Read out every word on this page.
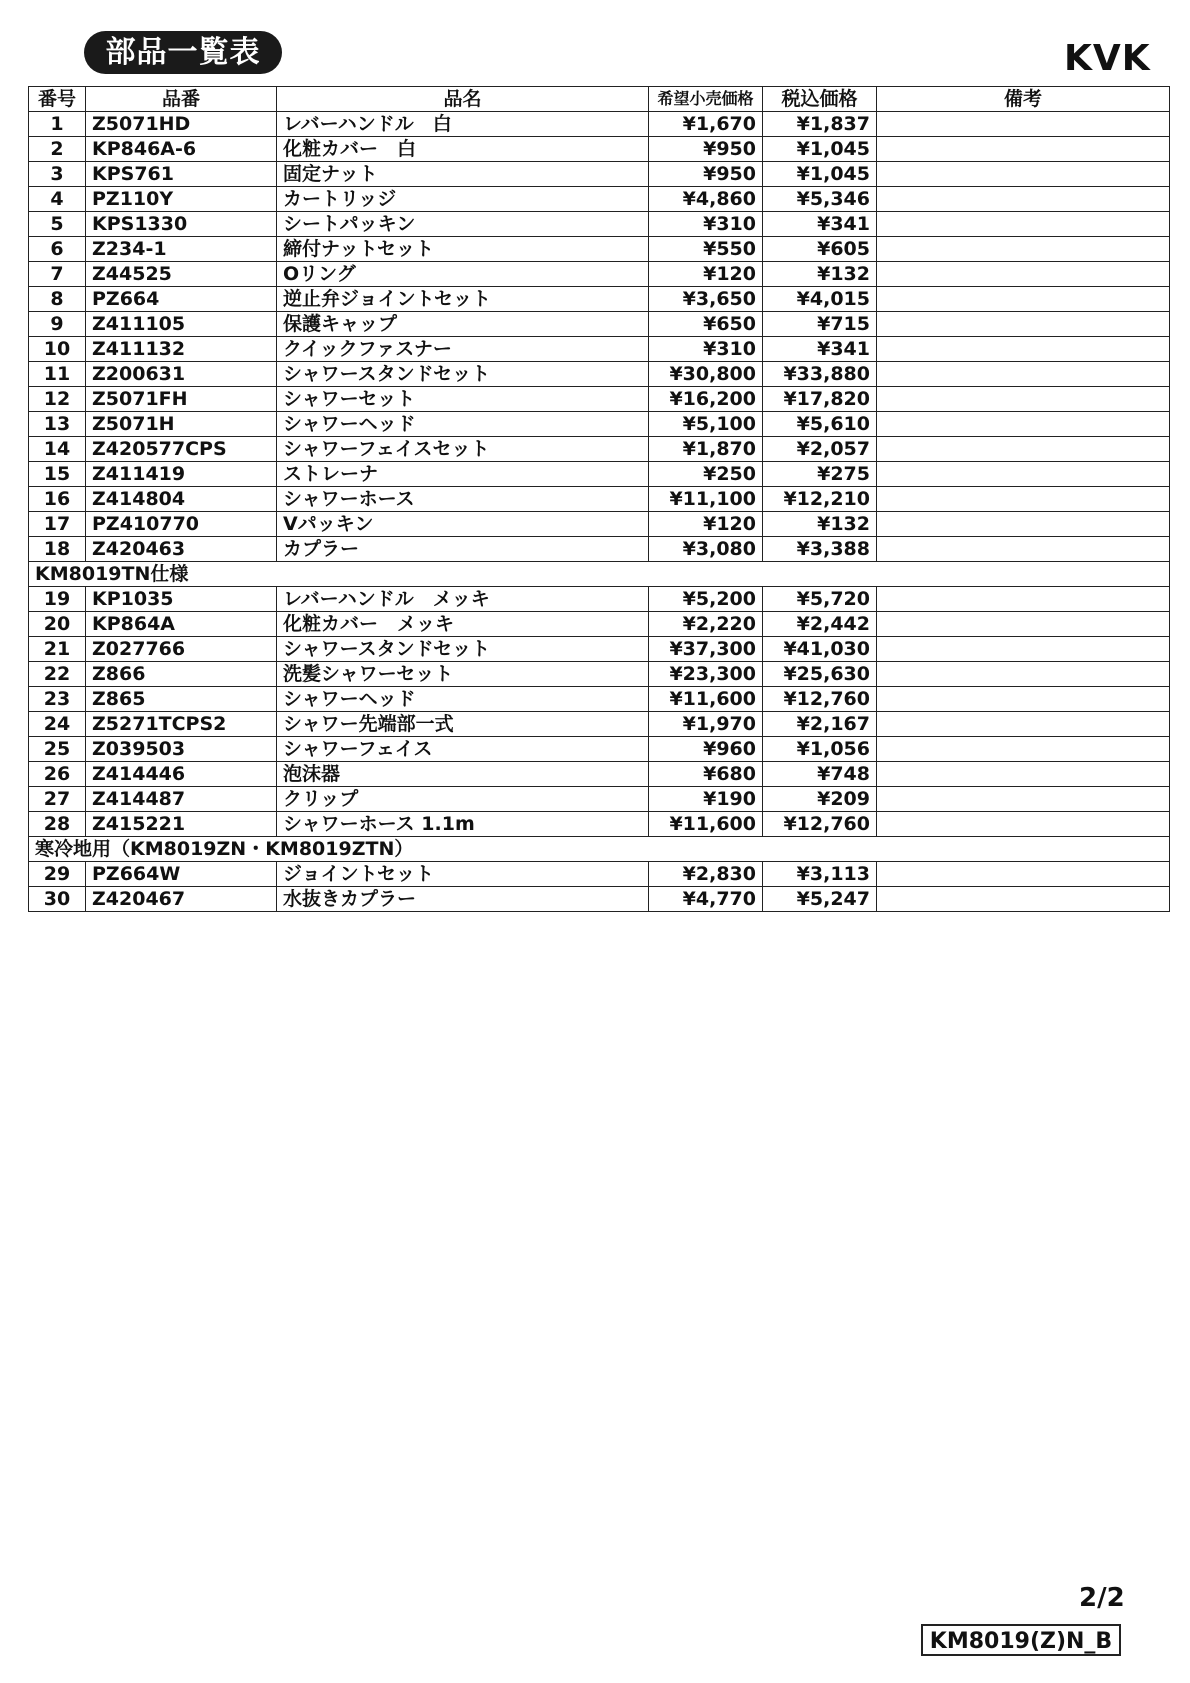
部品一覧表	KVK
番号	品番	品名	希望小売価格	税込価格	備考
1	Z5071HD	レバーハンドル　白	¥1,670	¥1,837	
2	KP846A-6	化粧カバー　白	¥950	¥1,045	
3	KPS761	固定ナット	¥950	¥1,045	
4	PZ110Y	カートリッジ	¥4,860	¥5,346	
5	KPS1330	シートパッキン	¥310	¥341	
6	Z234-1	締付ナットセット	¥550	¥605	
7	Z44525	Oリング	¥120	¥132	
8	PZ664	逆止弁ジョイントセット	¥3,650	¥4,015	
9	Z411105	保護キャップ	¥650	¥715	
10	Z411132	クイックファスナー	¥310	¥341	
11	Z200631	シャワースタンドセット	¥30,800	¥33,880	
12	Z5071FH	シャワーセット	¥16,200	¥17,820	
13	Z5071H	シャワーヘッド	¥5,100	¥5,610	
14	Z420577CPS	シャワーフェイスセット	¥1,870	¥2,057	
15	Z411419	ストレーナ	¥250	¥275	
16	Z414804	シャワーホース	¥11,100	¥12,210	
17	PZ410770	Vパッキン	¥120	¥132	
18	Z420463	カプラー	¥3,080	¥3,388	
KM8019TN仕様					
19	KP1035	レバーハンドル　メッキ	¥5,200	¥5,720	
20	KP864A	化粧カバー　メッキ	¥2,220	¥2,442	
21	Z027766	シャワースタンドセット	¥37,300	¥41,030	
22	Z866	洗髪シャワーセット	¥23,300	¥25,630	
23	Z865	シャワーヘッド	¥11,600	¥12,760	
24	Z5271TCPS2	シャワー先端部一式	¥1,970	¥2,167	
25	Z039503	シャワーフェイス	¥960	¥1,056	
26	Z414446	泡沫器	¥680	¥748	
27	Z414487	クリップ	¥190	¥209	
28	Z415221	シャワーホース 1.1m	¥11,600	¥12,760	
寒冷地用（KM8019ZN・KM8019ZTN）					
29	PZ664W	ジョイントセット	¥2,830	¥3,113	
30	Z420467	水抜きカプラー	¥4,770	¥5,247	
2/2
KM8019(Z)N_B
